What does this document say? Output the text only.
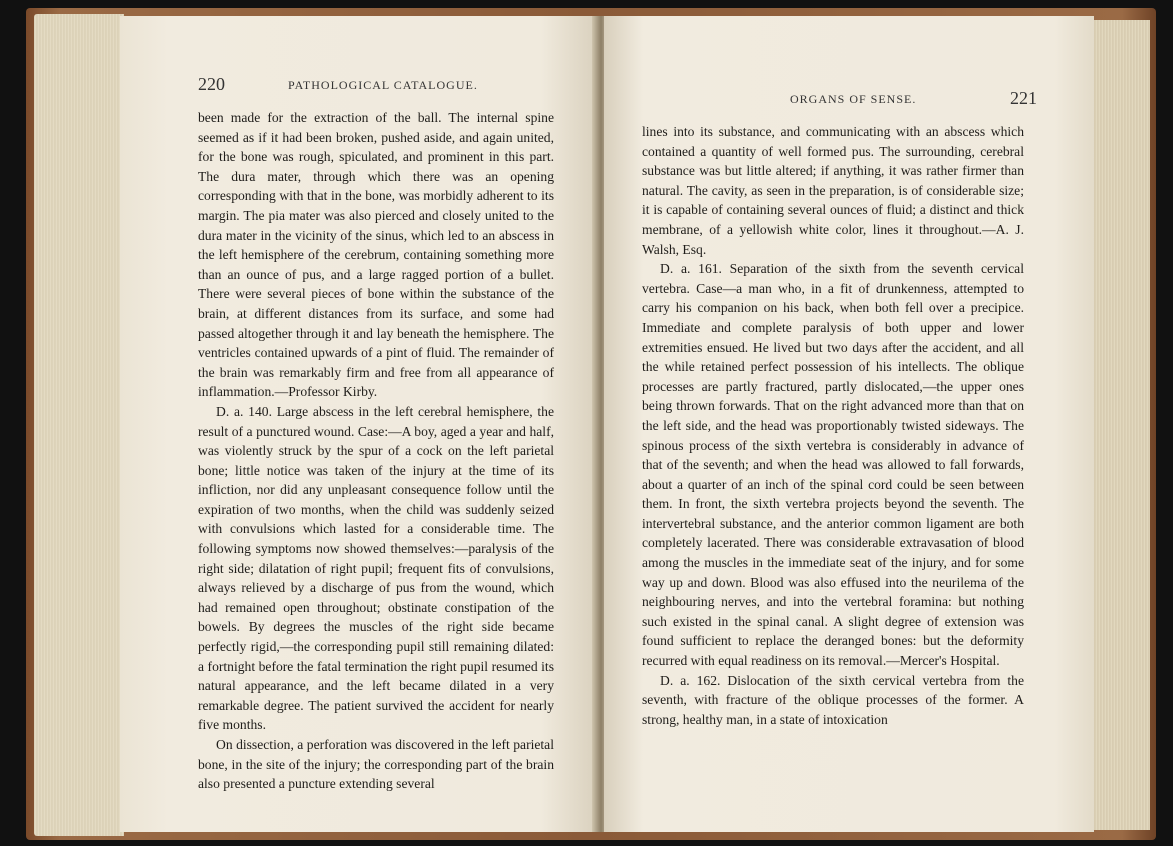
220	PATHOLOGICAL CATALOGUE.

been made for the extraction of the ball. The internal spine seemed as if it had been broken, pushed aside, and again united, for the bone was rough, spiculated, and prominent in this part. The dura mater, through which there was an opening corresponding with that in the bone, was morbidly adherent to its margin. The pia mater was also pierced and closely united to the dura mater in the vicinity of the sinus, which led to an abscess in the left hemisphere of the cerebrum, containing something more than an ounce of pus, and a large ragged portion of a bullet. There were several pieces of bone within the substance of the brain, at different distances from its surface, and some had passed altogether through it and lay beneath the hemisphere. The ventricles contained upwards of a pint of fluid. The remainder of the brain was remarkably firm and free from all appearance of inflammation.—Professor Kirby.

D. a. 140. Large abscess in the left cerebral hemisphere, the result of a punctured wound. Case:—A boy, aged a year and half, was violently struck by the spur of a cock on the left parietal bone; little notice was taken of the injury at the time of its infliction, nor did any unpleasant consequence follow until the expiration of two months, when the child was suddenly seized with convulsions which lasted for a considerable time. The following symptoms now showed themselves:—paralysis of the right side; dilatation of right pupil; frequent fits of convulsions, always relieved by a discharge of pus from the wound, which had remained open throughout; obstinate constipation of the bowels. By degrees the muscles of the right side became perfectly rigid,—the corresponding pupil still remaining dilated: a fortnight before the fatal termination the right pupil resumed its natural appearance, and the left became dilated in a very remarkable degree. The patient survived the accident for nearly five months.

On dissection, a perforation was discovered in the left parietal bone, in the site of the injury; the corresponding part of the brain also presented a puncture extending several

ORGANS OF SENSE.	221

lines into its substance, and communicating with an abscess which contained a quantity of well formed pus. The surrounding, cerebral substance was but little altered; if anything, it was rather firmer than natural. The cavity, as seen in the preparation, is of considerable size; it is capable of containing several ounces of fluid; a distinct and thick membrane, of a yellowish white color, lines it throughout.—A. J. Walsh, Esq.

D. a. 161. Separation of the sixth from the seventh cervical vertebra. Case—a man who, in a fit of drunkenness, attempted to carry his companion on his back, when both fell over a precipice. Immediate and complete paralysis of both upper and lower extremities ensued. He lived but two days after the accident, and all the while retained perfect possession of his intellects. The oblique processes are partly fractured, partly dislocated,—the upper ones being thrown forwards. That on the right advanced more than that on the left side, and the head was proportionably twisted sideways. The spinous process of the sixth vertebra is considerably in advance of that of the seventh; and when the head was allowed to fall forwards, about a quarter of an inch of the spinal cord could be seen between them. In front, the sixth vertebra projects beyond the seventh. The intervertebral substance, and the anterior common ligament are both completely lacerated. There was considerable extravasation of blood among the muscles in the immediate seat of the injury, and for some way up and down. Blood was also effused into the neurilema of the neighbouring nerves, and into the vertebral foramina: but nothing such existed in the spinal canal. A slight degree of extension was found sufficient to replace the deranged bones: but the deformity recurred with equal readiness on its removal.—Mercer's Hospital.

D. a. 162. Dislocation of the sixth cervical vertebra from the seventh, with fracture of the oblique processes of the former. A strong, healthy man, in a state of intoxication
